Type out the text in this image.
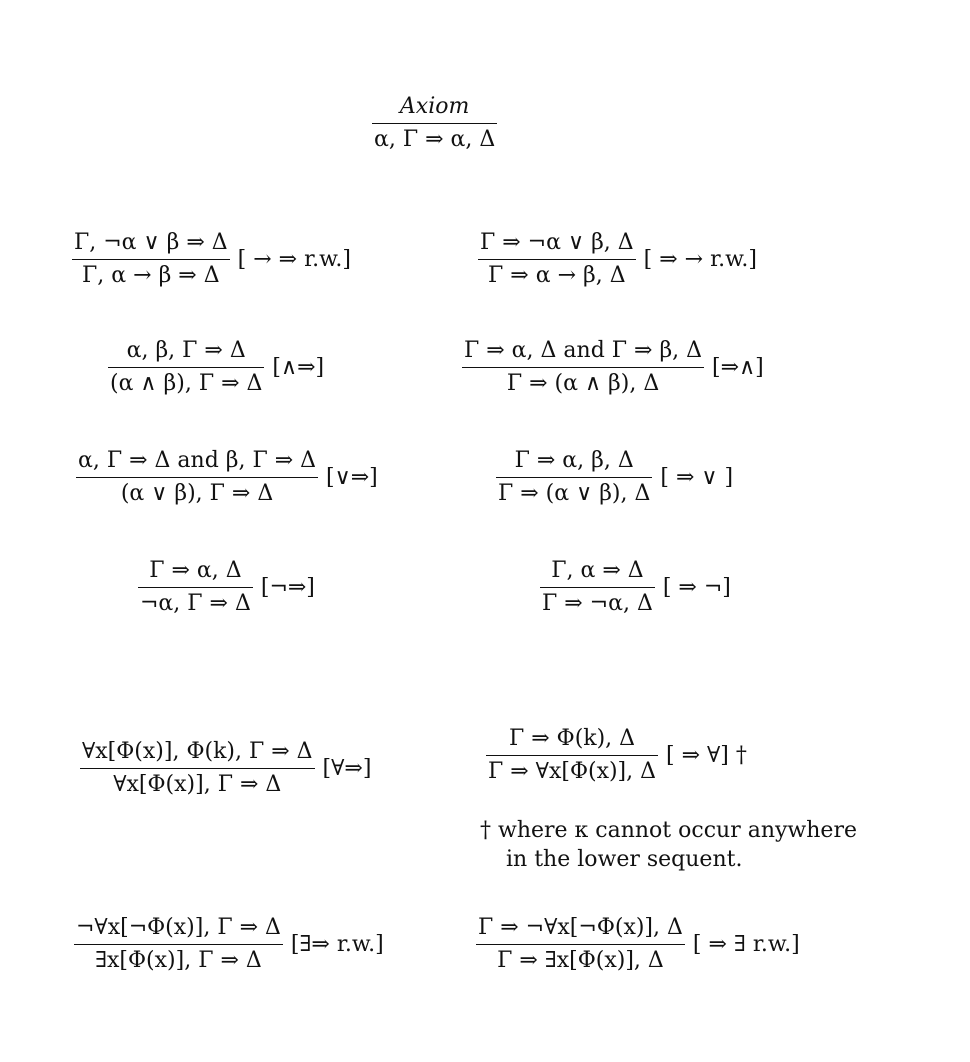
$\frac{\text{Axiom}}{\alpha, \Gamma \Rightarrow \alpha, \Delta}$
$\frac{\Gamma, \neg\alpha \vee \beta \Rightarrow \Delta}{\Gamma, \alpha \to \beta \Rightarrow \Delta}$ [ → ⇒ r.w.]	$\frac{\Gamma \Rightarrow \neg\alpha \vee \beta, \Delta}{\Gamma \Rightarrow \alpha \to \beta, \Delta}$ [ ⇒ → r.w.]
$\frac{\alpha, \beta, \Gamma \Rightarrow \Delta}{(\alpha \wedge \beta), \Gamma \Rightarrow \Delta}$ [∧⇒]	$\frac{\text{Γ ⇒ α, Δ and Γ ⇒ β, Δ}}{\Gamma \Rightarrow (\alpha \wedge \beta), \Delta}$ [⇒∧]
$\frac{\text{α, Γ ⇒ Δ and β, Γ ⇒ Δ}}{(\alpha \vee \beta), \Gamma \Rightarrow \Delta}$ [∨⇒]	$\frac{\Gamma \Rightarrow \alpha, \beta, \Delta}{\Gamma \Rightarrow (\alpha \vee \beta), \Delta}$ [ ⇒ ∨ ]
$\frac{\Gamma \Rightarrow \alpha, \Delta}{\neg\alpha, \Gamma \Rightarrow \Delta}$ [¬⇒]	$\frac{\Gamma, \alpha \Rightarrow \Delta}{\Gamma \Rightarrow \neg\alpha, \Delta}$ [ ⇒ ¬]
$\frac{\forall x[\Phi(x)], \Phi(k), \Gamma \Rightarrow \Delta}{\forall x[\Phi(x)], \Gamma \Rightarrow \Delta}$ [∀⇒]	$\frac{\Gamma \Rightarrow \Phi(k), \Delta}{\Gamma \Rightarrow \forall x[\Phi(x)], \Delta}$ [ ⇒ ∀] †
† where κ cannot occur anywhere
in the lower sequent.
$\frac{\neg\forall x[\neg\Phi(x)], \Gamma \Rightarrow \Delta}{\exists x[\Phi(x)], \Gamma \Rightarrow \Delta}$ [∃⇒ r.w.]	$\frac{\Gamma \Rightarrow \neg\forall x[\neg\Phi(x)], \Delta}{\Gamma \Rightarrow \exists x[\Phi(x)], \Delta}$ [ ⇒ ∃ r.w.]
